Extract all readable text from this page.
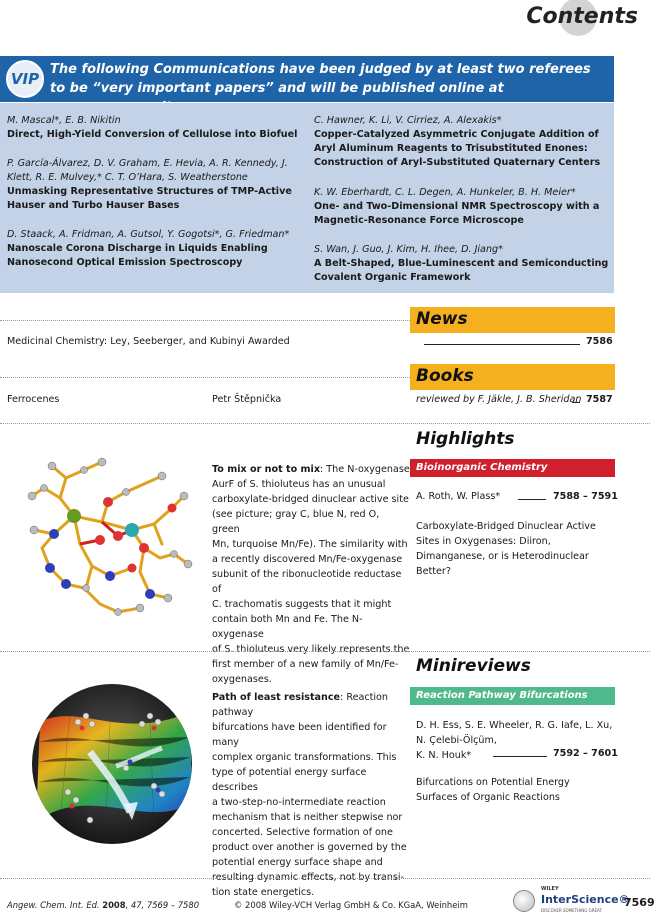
Contents
VIP
The following Communications have been judged by at least two referees to be “very important papers” and will be published online at
M. Mascal*, E. B. Nikitin
Direct, High-Yield Conversion of Cellulose into Biofuel
P. García-Álvarez, D. V. Graham, E. Hevia, A. R. Kennedy, J. Klett, R. E. Mulvey,* C. T. O’Hara, S. Weatherstone
Unmasking Representative Structures of TMP-Active Hauser and Turbo Hauser Bases
D. Staack, A. Fridman, A. Gutsol, Y. Gogotsi*, G. Friedman*
Nanoscale Corona Discharge in Liquids Enabling Nanosecond Optical Emission Spectroscopy
C. Hawner, K. Li, V. Cirriez, A. Alexakis*
Copper-Catalyzed Asymmetric Conjugate Addition of Aryl Aluminum Reagents to Trisubstituted Enones: Construction of Aryl-Substituted Quaternary Centers
K. W. Eberhardt, C. L. Degen, A. Hunkeler, B. H. Meier*
One- and Two-Dimensional NMR Spectroscopy with a Magnetic-Resonance Force Microscope
S. Wan, J. Guo, J. Kim, H. Ihee, D. Jiang*
A Belt-Shaped, Blue-Luminescent and Semiconducting Covalent Organic Framework
News
Medicinal Chemistry: Ley, Seeberger, and Kubinyi Awarded	7586
Books
Ferrocenes	Petr Štěpnička	reviewed by F. Jäkle, J. B. Sheridan 7587
Highlights
Bioinorganic Chemistry
To mix or not to mix: The N-oxygenase
AurF of S. thioluteus has an unusual
carboxylate-bridged dinuclear active site
(see picture; gray C, blue N, red O, green
Mn, turquoise Mn/Fe). The similarity with
a recently discovered Mn/Fe-oxygenase
subunit of the ribonucleotide reductase of
C. trachomatis suggests that it might
contain both Mn and Fe. The N-oxygenase
of S. thioluteus very likely represents the
first member of a new family of Mn/Fe-
oxygenases.
A. Roth, W. Plass*	7588 – 7591
Carboxylate-Bridged Dinuclear Active Sites in Oxygenases: Diiron, Dimanganese, or is Heterodinuclear Better?
Minireviews
Reaction Pathway Bifurcations
Path of least resistance: Reaction pathway
bifurcations have been identified for many
complex organic transformations. This
type of potential energy surface describes
a two-step-no-intermediate reaction
mechanism that is neither stepwise nor
concerted. Selective formation of one
product over another is governed by the
potential energy surface shape and
resulting dynamic effects, not by transi-
tion state energetics.
D. H. Ess, S. E. Wheeler, R. G. Iafe, L. Xu,
N. Çelebi-Ölçüm,
K. N. Houk*	7592 – 7601
Bifurcations on Potential Energy Surfaces of Organic Reactions
Angew. Chem. Int. Ed. 2008, 47, 7569 – 7580	© 2008 Wiley-VCH Verlag GmbH & Co. KGaA, Weinheim
WILEY
InterScience®
DISCOVER SOMETHING GREAT
7569
